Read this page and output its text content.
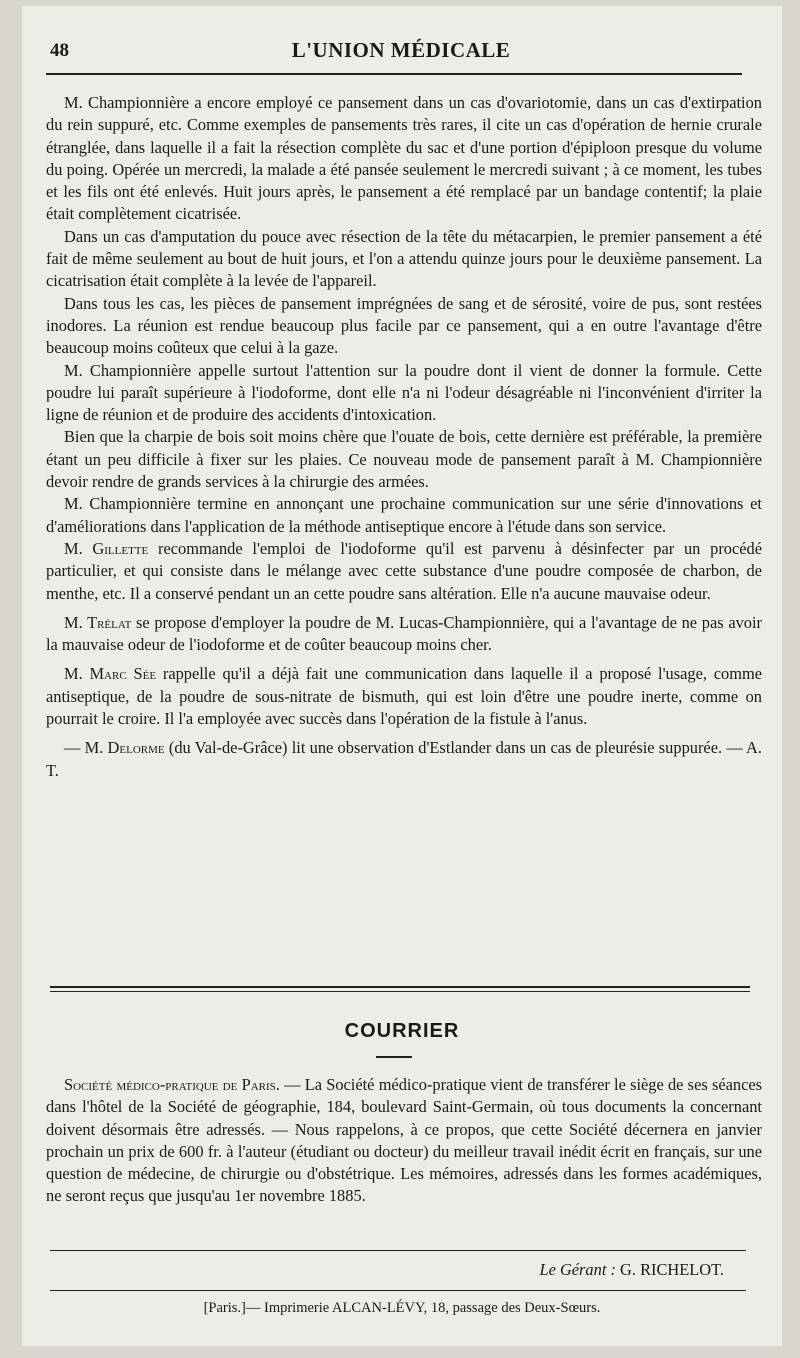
48	L'UNION MÉDICALE

M. Championnière a encore employé ce pansement dans un cas d'ovariotomie, dans un cas d'extirpation du rein suppuré, etc. Comme exemples de pansements très rares, il cite un cas d'opération de hernie crurale étranglée, dans laquelle il a fait la résection complète du sac et d'une portion d'épiploon presque du volume du poing. Opérée un mercredi, la malade a été pansée seulement le mercredi suivant ; à ce moment, les tubes et les fils ont été enlevés. Huit jours après, le pansement a été remplacé par un bandage contentif; la plaie était complètement cicatrisée.

Dans un cas d'amputation du pouce avec résection de la tête du métacarpien, le premier pansement a été fait de même seulement au bout de huit jours, et l'on a attendu quinze jours pour le deuxième pansement. La cicatrisation était complète à la levée de l'appareil.

Dans tous les cas, les pièces de pansement imprégnées de sang et de sérosité, voire de pus, sont restées inodores. La réunion est rendue beaucoup plus facile par ce pansement, qui a en outre l'avantage d'être beaucoup moins coûteux que celui à la gaze.

M. Championnière appelle surtout l'attention sur la poudre dont il vient de donner la formule. Cette poudre lui paraît supérieure à l'iodoforme, dont elle n'a ni l'odeur désagréable ni l'inconvénient d'irriter la ligne de réunion et de produire des accidents d'intoxication.

Bien que la charpie de bois soit moins chère que l'ouate de bois, cette dernière est préférable, la première étant un peu difficile à fixer sur les plaies. Ce nouveau mode de pansement paraît à M. Championnière devoir rendre de grands services à la chirurgie des armées.

M. Championnière termine en annonçant une prochaine communication sur une série d'innovations et d'améliorations dans l'application de la méthode antiseptique encore à l'étude dans son service.

M. Gillette recommande l'emploi de l'iodoforme qu'il est parvenu à désinfecter par un procédé particulier, et qui consiste dans le mélange avec cette substance d'une poudre composée de charbon, de menthe, etc. Il a conservé pendant un an cette poudre sans altération. Elle n'a aucune mauvaise odeur.

M. Trélat se propose d'employer la poudre de M. Lucas-Championnière, qui a l'avantage de ne pas avoir la mauvaise odeur de l'iodoforme et de coûter beaucoup moins cher.

M. Marc Sée rappelle qu'il a déjà fait une communication dans laquelle il a proposé l'usage, comme antiseptique, de la poudre de sous-nitrate de bismuth, qui est loin d'être une poudre inerte, comme on pourrait le croire. Il l'a employée avec succès dans l'opération de la fistule à l'anus.

— M. Delorme (du Val-de-Grâce) lit une observation d'Estlander dans un cas de pleurésie suppurée. — A. T.

COURRIER

Société médico-pratique de Paris. — La Société médico-pratique vient de transférer le siège de ses séances dans l'hôtel de la Société de géographie, 184, boulevard Saint-Germain, où tous documents la concernant doivent désormais être adressés. — Nous rappelons, à ce propos, que cette Société décernera en janvier prochain un prix de 600 fr. à l'auteur (étudiant ou docteur) du meilleur travail inédit écrit en français, sur une question de médecine, de chirurgie ou d'obstétrique. Les mémoires, adressés dans les formes académiques, ne seront reçus que jusqu'au 1er novembre 1885.

Le Gérant : G. RICHELOT.
[Paris.]— Imprimerie ALCAN-LÉVY, 18, passage des Deux-Sœurs.
